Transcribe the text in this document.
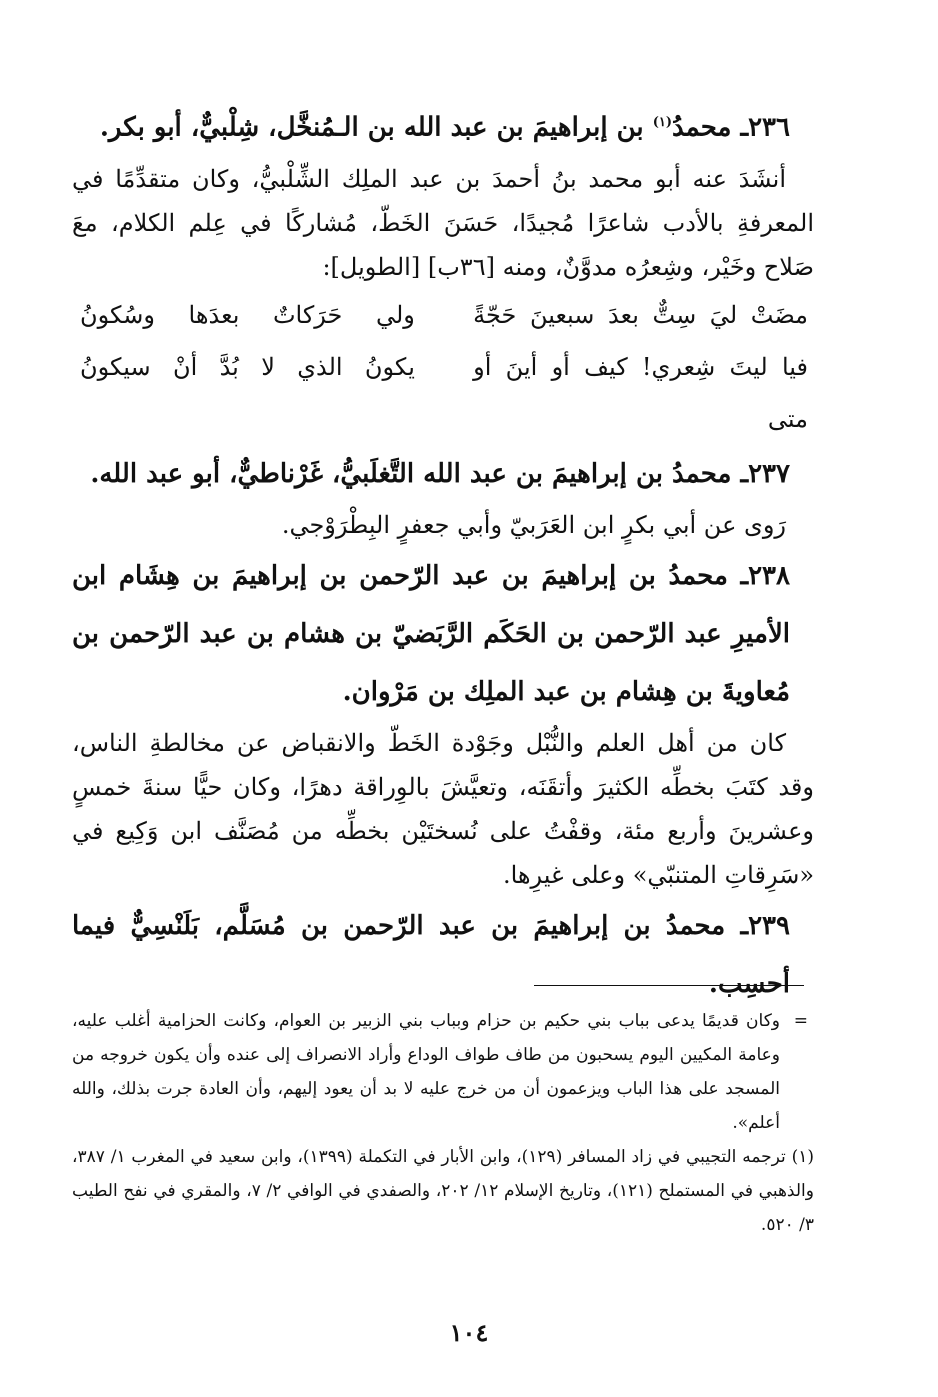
٢٣٦ـ محمدُ$^{(١)}$ بن إبراهيمَ بن عبد الله بن الـمُنخَّل، شِلْبيٌّ، أبو بكر.

أنشَدَ عنه أبو محمد بنُ أحمدَ بن عبد الملِك الشِّلْبيُّ، وكان متقدِّمًا في المعرفةِ بالأدب شاعرًا مُجيدًا، حَسَنَ الخَطّ، مُشاركًا في عِلم الكلام، معَ صَلاح وخَيْر، وشِعرُه مدوَّنٌ، ومنه [٣٦ب] [الطويل]:

مضَتْ ليَ سِتٌّ بعدَ سبعينَ حَجّةً
ولي حَرَكاتٌ بعدَها وسُكونُ
فيا ليتَ شِعري! كيف أو أينَ أو متى
يكونُ الذي لا بُدَّ أنْ سيكونُ

٢٣٧ـ محمدُ بن إبراهيمَ بن عبد الله التَّغلَبيُّ، غَرْناطيٌّ، أبو عبد الله.

رَوى عن أبي بكرٍ ابن العَرَبيّ وأبي جعفرٍ البِطْرَوْجي.

٢٣٨ـ محمدُ بن إبراهيمَ بن عبد الرّحمن بن إبراهيمَ بن هِشَام ابن الأميرِ عبد الرّحمن بن الحَكَم الرَّبَضيّ بن هشام بن عبد الرّحمن بن مُعاويةَ بن هِشام بن عبد الملِك بن مَرْوان.

كان من أهل العلم والنُّبْل وجَوْدة الخَطّ والانقباض عن مخالطةِ الناس، وقد كتَبَ بخطِّه الكثيرَ وأتقَنَه، وتعيَّشَ بالوِراقة دهرًا، وكان حيًّا سنةَ خمسٍ وعشرينَ وأربع مئة، وقفْتُ على نُسختَيْن بخطِّه من مُصَنَّف ابن وَكِيع في «سَرِقاتِ المتنبّي» وعلى غيرِها.

٢٣٩ـ محمدُ بن إبراهيمَ بن عبد الرّحمن بن مُسَلَّم، بَلَنْسِيٌّ فيما أحسِب.

=
وكان قديمًا يدعى بباب بني حكيم بن حزام وبباب بني الزبير بن العوام، وكانت الحزامية أغلب عليه، وعامة المكيين اليوم يسحبون من طاف طواف الوداع وأراد الانصراف إلى عنده وأن يكون خروجه من المسجد على هذا الباب ويزعمون أن من خرج عليه لا بد أن يعود إليهم، وأن العادة جرت بذلك، والله أعلم».

(١) ترجمه التجيبي في زاد المسافر (١٢٩)، وابن الأبار في التكملة (١٣٩٩)، وابن سعيد في المغرب ١/ ٣٨٧، والذهبي في المستملح (١٢١)، وتاريخ الإسلام ١٢/ ٢٠٢، والصفدي في الوافي ٢/ ٧، والمقري في نفح الطيب ٣/ ٥٢٠.

١٠٤
